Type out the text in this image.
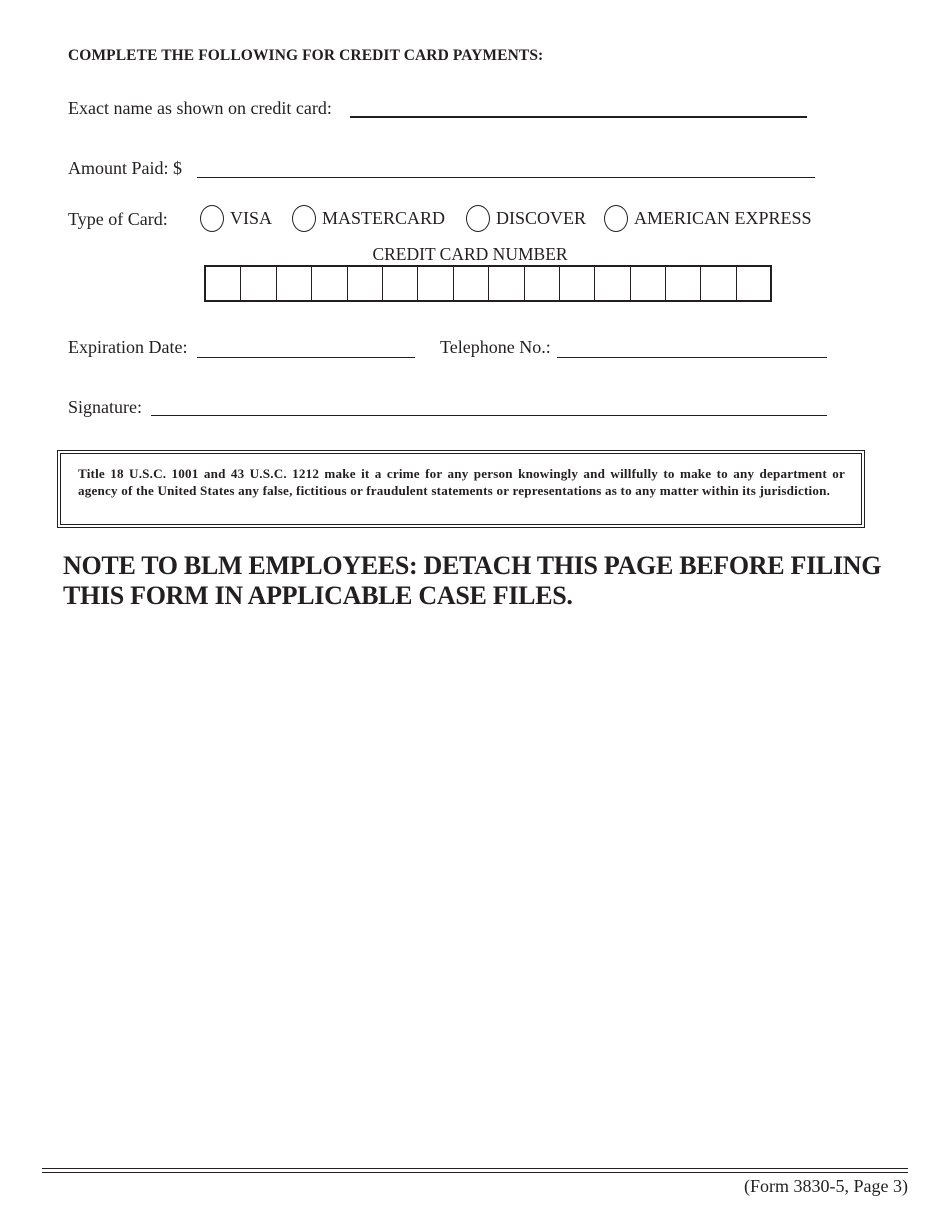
COMPLETE THE FOLLOWING FOR CREDIT CARD PAYMENTS:
Exact name as shown on credit card:
Amount Paid: $
Type of Card:	VISA	MASTERCARD	DISCOVER	AMERICAN EXPRESS
CREDIT CARD NUMBER
Expiration Date:	Telephone No.:
Signature:
Title 18 U.S.C. 1001 and 43 U.S.C. 1212 make it a crime for any person knowingly and willfully to make to any department or agency of the United States any false, fictitious or fraudulent statements or representations as to any matter within its jurisdiction.
NOTE TO BLM EMPLOYEES: DETACH THIS PAGE BEFORE FILING THIS FORM IN APPLICABLE CASE FILES.
(Form 3830-5, Page 3)
